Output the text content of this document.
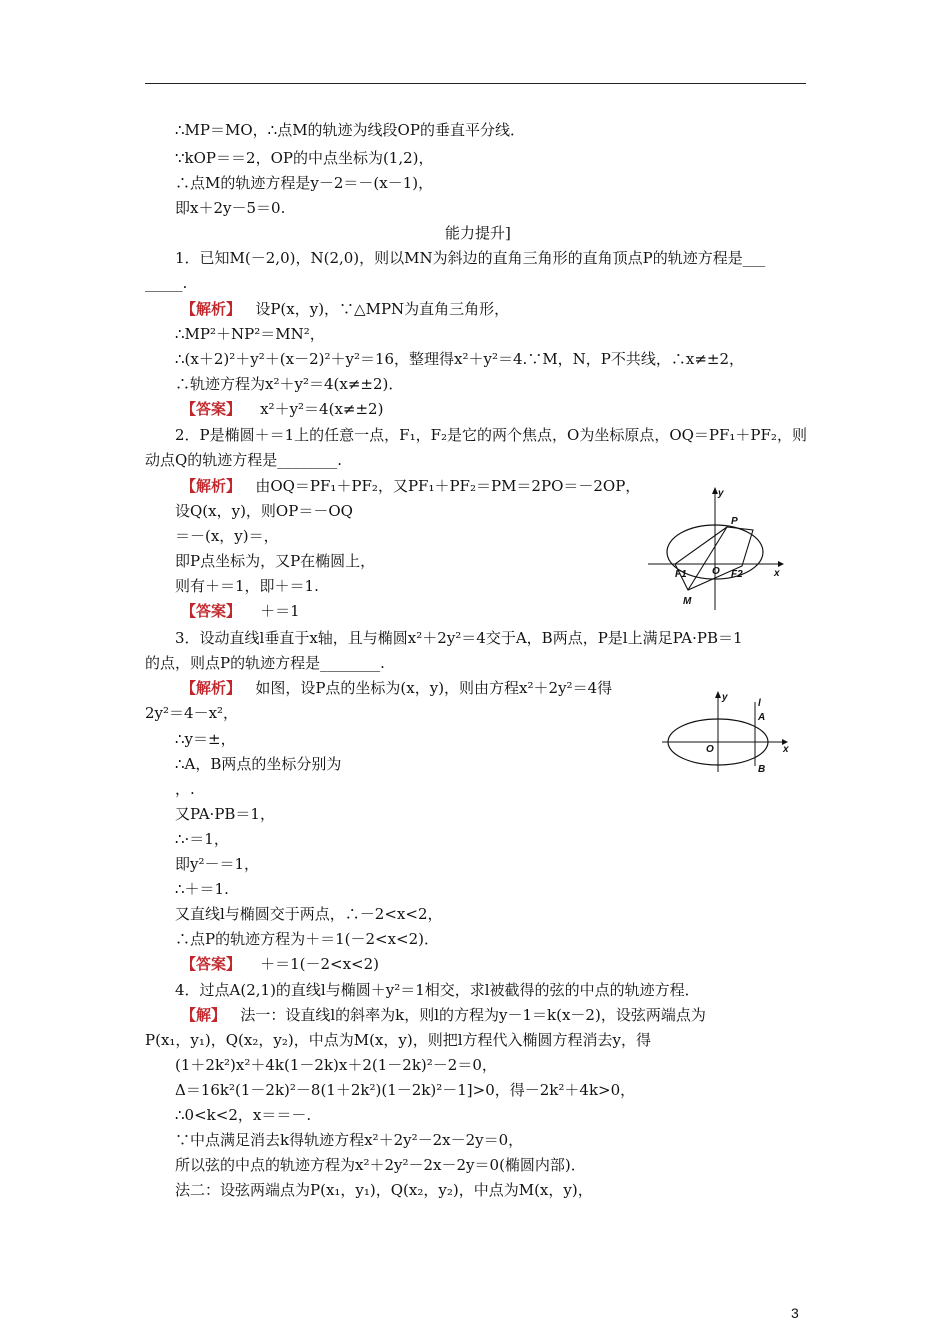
∴MP＝MO，∴点M的轨迹为线段OP的垂直平分线．
∵kOP＝＝2，OP的中点坐标为(1,2)，
∴点M的轨迹方程是y－2＝－(x－1)，
即x＋2y－5＝0.
能力提升]
1．已知M(－2,0)，N(2,0)，则以MN为斜边的直角三角形的直角顶点P的轨迹方程是___
_____.
【解析】 设P(x，y)，∵△MPN为直角三角形，
∴MP²＋NP²＝MN²，
∴(x＋2)²＋y²＋(x－2)²＋y²＝16，整理得x²＋y²＝4.∵M，N，P不共线，∴x≠±2，
∴轨迹方程为x²＋y²＝4(x≠±2)．
【答案】 x²＋y²＝4(x≠±2)
2．P是椭圆＋＝1上的任意一点，F₁，F₂是它的两个焦点，O为坐标原点，OQ＝PF₁＋PF₂，则
动点Q的轨迹方程是________.
【解析】 由OQ＝PF₁＋PF₂，又PF₁＋PF₂＝PM＝2PO＝－2OP，
设Q(x，y)，则OP＝－OQ
＝－(x，y)＝，
即P点坐标为，又P在椭圆上，
则有＋＝1，即＋＝1.
【答案】 ＋＝1
y
P
F1	O F2	x
M
3．设动直线l垂直于x轴，且与椭圆x²＋2y²＝4交于A，B两点，P是l上满足PA·PB＝1
的点，则点P的轨迹方程是________.
【解析】 如图，设P点的坐标为(x，y)，则由方程x²＋2y²＝4得
2y²＝4－x²，
∴y＝±，
∴A，B两点的坐标分别为
，.
又PA·PB＝1，
∴·＝1，
即y²－＝1，
∴＋＝1.
又直线l与椭圆交于两点，∴－2<x<2，
∴点P的轨迹方程为＋＝1(－2<x<2)．
【答案】 ＋＝1(－2<x<2)
y
l
A
O	x
B
4．过点A(2,1)的直线l与椭圆＋y²＝1相交，求l被截得的弦的中点的轨迹方程．
【解】 法一：设直线l的斜率为k，则l的方程为y－1＝k(x－2)，设弦两端点为
P(x₁，y₁)，Q(x₂，y₂)，中点为M(x，y)，则把l方程代入椭圆方程消去y，得
(1＋2k²)x²＋4k(1－2k)x＋2(1－2k)²－2＝0，
Δ＝16k²(1－2k)²－8(1＋2k²)(1－2k)²－1]>0，得－2k²＋4k>0，
∴0<k<2，x＝＝－.
∵中点满足消去k得轨迹方程x²＋2y²－2x－2y＝0，
所以弦的中点的轨迹方程为x²＋2y²－2x－2y＝0(椭圆内部)．
法二：设弦两端点为P(x₁，y₁)，Q(x₂，y₂)，中点为M(x，y)，
3
